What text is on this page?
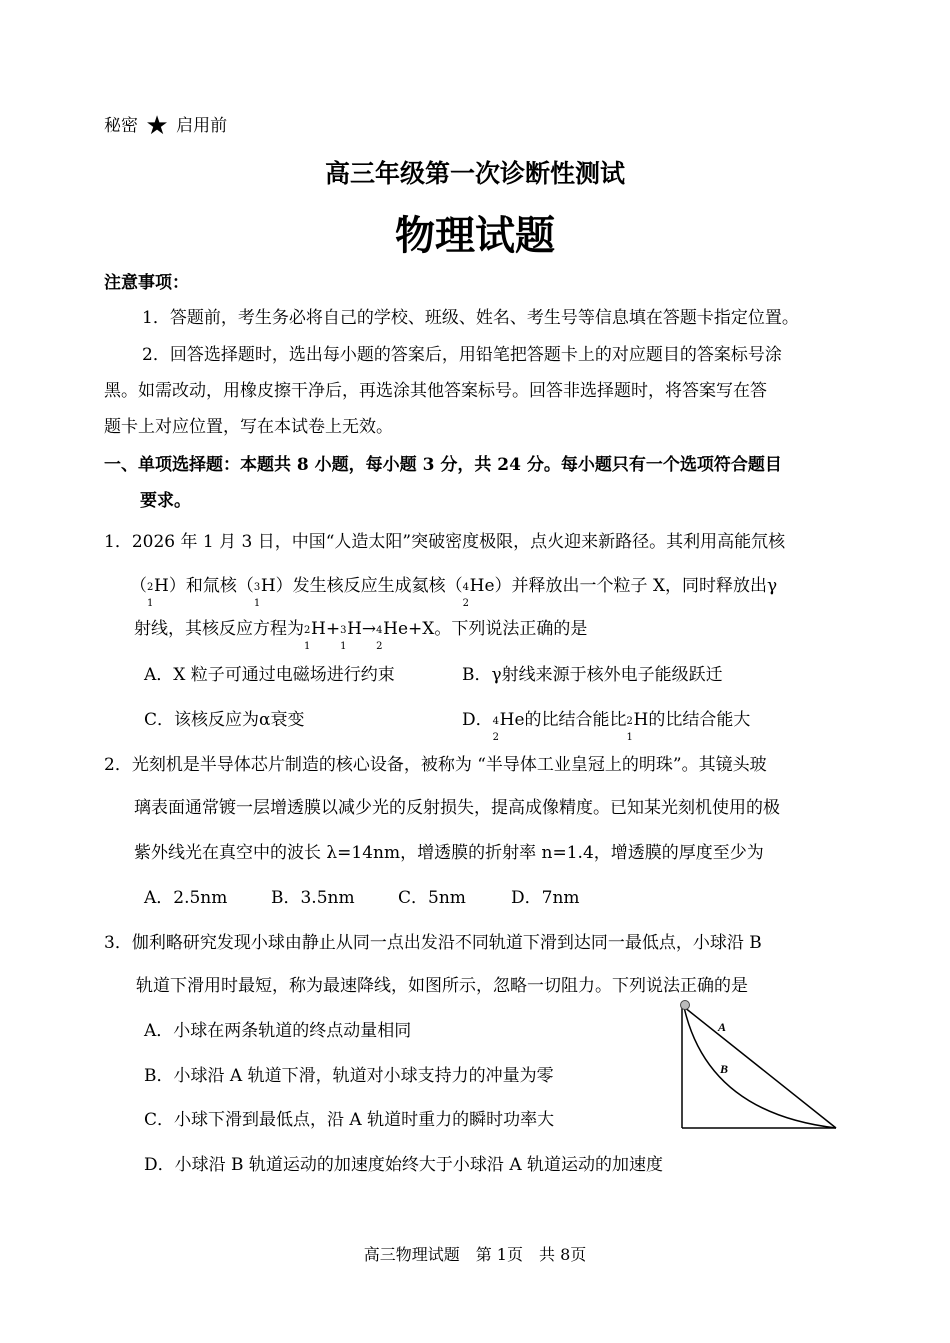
秘密 ★ 启用前
高三年级第一次诊断性测试
物理试题
注意事项：
1．答题前，考生务必将自己的学校、班级、姓名、考生号等信息填在答题卡指定位置。
2．回答选择题时，选出每小题的答案后，用铅笔把答题卡上的对应题目的答案标号涂
黑。如需改动，用橡皮擦干净后，再选涂其他答案标号。回答非选择题时，将答案写在答
题卡上对应位置，写在本试卷上无效。
一、单项选择题：本题共 8 小题，每小题 3 分，共 24 分。每小题只有一个选项符合题目
要求。
1．2026 年 1 月 3 日，中国“人造太阳”突破密度极限，点火迎来新路径。其利用高能氘核
（ 2
1
H）和氚核（ 3
1
H）发生核反应生成氦核（ 4
2
He）并释放出一个粒子 X，同时释放出γ
射线，其核反应方程为 2
1
H+ 3
1
H→ 4
2
He+X。下列说法正确的是
A．X 粒子可通过电磁场进行约束	B．γ射线来源于核外电子能级跃迁
C．该核反应为α衰变	D． 4
2
He的比结合能比 2
1
H的比结合能大
2．光刻机是半导体芯片制造的核心设备，被称为 “半导体工业皇冠上的明珠”。其镜头玻
璃表面通常镀一层增透膜以减少光的反射损失，提高成像精度。已知某光刻机使用的极
紫外线光在真空中的波长 λ=14nm，增透膜的折射率 n=1.4，增透膜的厚度至少为
A．2.5nm	B．3.5nm	C．5nm	D．7nm
3．伽利略研究发现小球由静止从同一点出发沿不同轨道下滑到达同一最低点，小球沿 B
轨道下滑用时最短，称为最速降线，如图所示，忽略一切阻力。下列说法正确的是
A．小球在两条轨道的终点动量相同
B．小球沿 A 轨道下滑，轨道对小球支持力的冲量为零
C．小球下滑到最低点，沿 A 轨道时重力的瞬时功率大
D．小球沿 B 轨道运动的加速度始终大于小球沿 A 轨道运动的加速度
A
B
高三物理试题　第 1页　共 8页
